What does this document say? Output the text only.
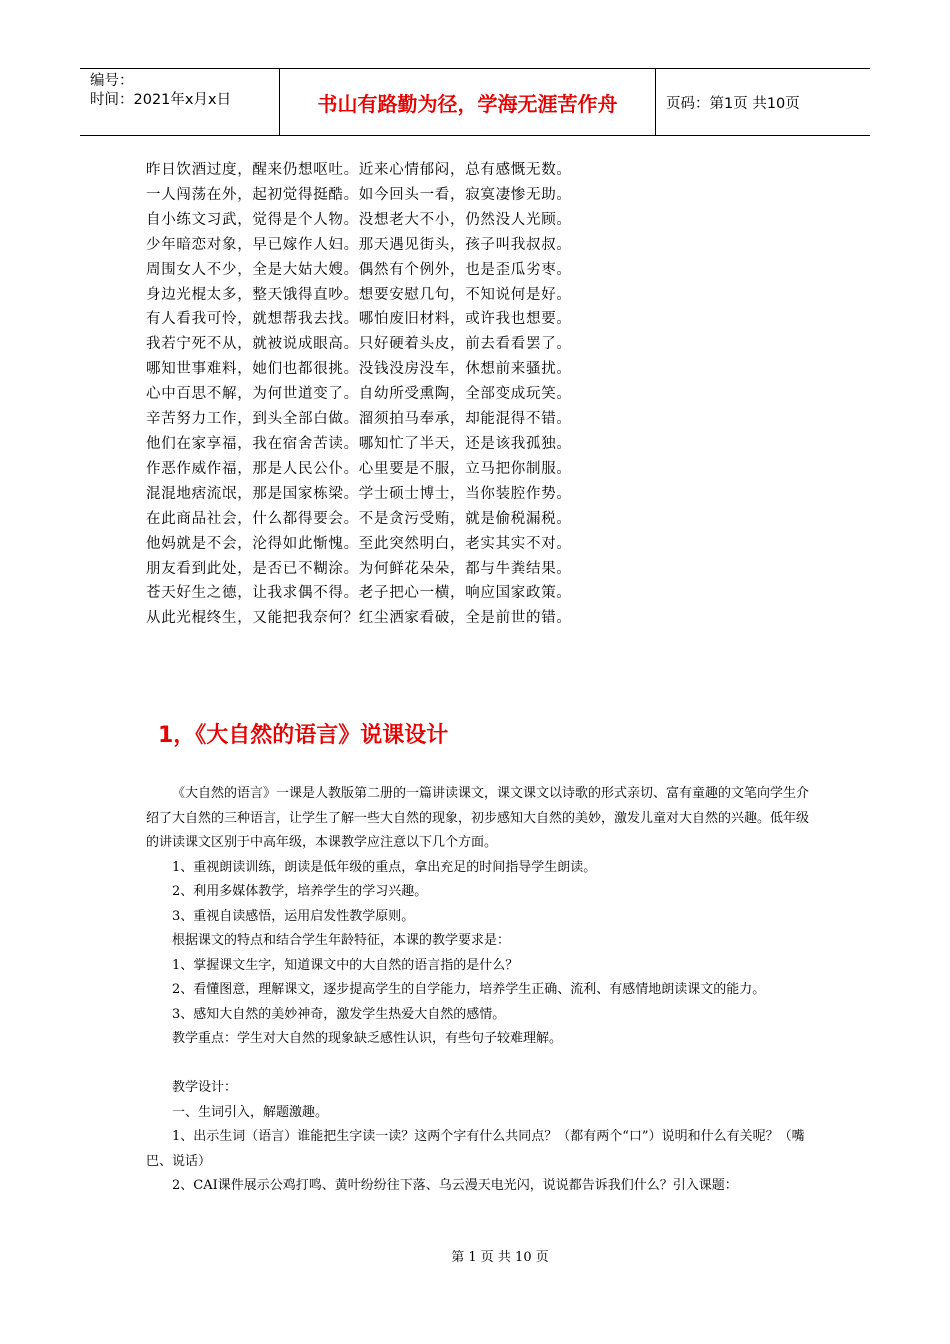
编号：
时间：2021年x月x日	书山有路勤为径，学海无涯苦作舟	页码：第1页 共10页
昨日饮酒过度，醒来仍想呕吐。近来心情郁闷，总有感慨无数。
一人闯荡在外，起初觉得挺酷。如今回头一看，寂寞凄惨无助。
自小练文习武，觉得是个人物。没想老大不小，仍然没人光顾。
少年暗恋对象，早已嫁作人妇。那天遇见街头，孩子叫我叔叔。
周围女人不少，全是大姑大嫂。偶然有个例外，也是歪瓜劣枣。
身边光棍太多，整天饿得直吵。想要安慰几句，不知说何是好。
有人看我可怜，就想帮我去找。哪怕废旧材料，或许我也想要。
我若宁死不从，就被说成眼高。只好硬着头皮，前去看看罢了。
哪知世事难料，她们也都很挑。没钱没房没车，休想前来骚扰。
心中百思不解，为何世道变了。自幼所受熏陶，全部变成玩笑。
辛苦努力工作，到头全部白做。溜须拍马奉承，却能混得不错。
他们在家享福，我在宿舍苦读。哪知忙了半天，还是该我孤独。
作恶作威作福，那是人民公仆。心里要是不服，立马把你制服。
混混地痞流氓，那是国家栋梁。学士硕士博士，当你装腔作势。
在此商品社会，什么都得要会。不是贪污受贿，就是偷税漏税。
他妈就是不会，沦得如此惭愧。至此突然明白，老实其实不对。
朋友看到此处，是否已不糊涂。为何鲜花朵朵，都与牛粪结果。
苍天好生之德，让我求偶不得。老子把心一横，响应国家政策。
从此光棍终生，又能把我奈何？红尘洒家看破，全是前世的错。
1，《大自然的语言》说课设计

《大自然的语言》一课是人教版第二册的一篇讲读课文，课文课文以诗歌的形式亲切、富有童趣的文笔向学生介绍了大自然的三种语言，让学生了解一些大自然的现象，初步感知大自然的美妙，激发儿童对大自然的兴趣。低年级的讲读课文区别于中高年级，本课教学应注意以下几个方面。

1、重视朗读训练，朗读是低年级的重点，拿出充足的时间指导学生朗读。

2、利用多媒体教学，培养学生的学习兴趣。

3、重视自读感悟，运用启发性教学原则。

根据课文的特点和结合学生年龄特征，本课的教学要求是：

1、掌握课文生字，知道课文中的大自然的语言指的是什么？

2、看懂图意，理解课文，逐步提高学生的自学能力，培养学生正确、流利、有感情地朗读课文的能力。

3、感知大自然的美妙神奇，激发学生热爱大自然的感情。

教学重点：学生对大自然的现象缺乏感性认识，有些句子较难理解。

教学设计：

一、生词引入，解题激趣。

1、出示生词（语言）谁能把生字读一读？这两个字有什么共同点？（都有两个“口”）说明和什么有关呢？（嘴巴、说话）

2、CAI课件展示公鸡打鸣、黄叶纷纷往下落、乌云漫天电光闪，说说都告诉我们什么？引入课题：

第 1 页 共 10 页
